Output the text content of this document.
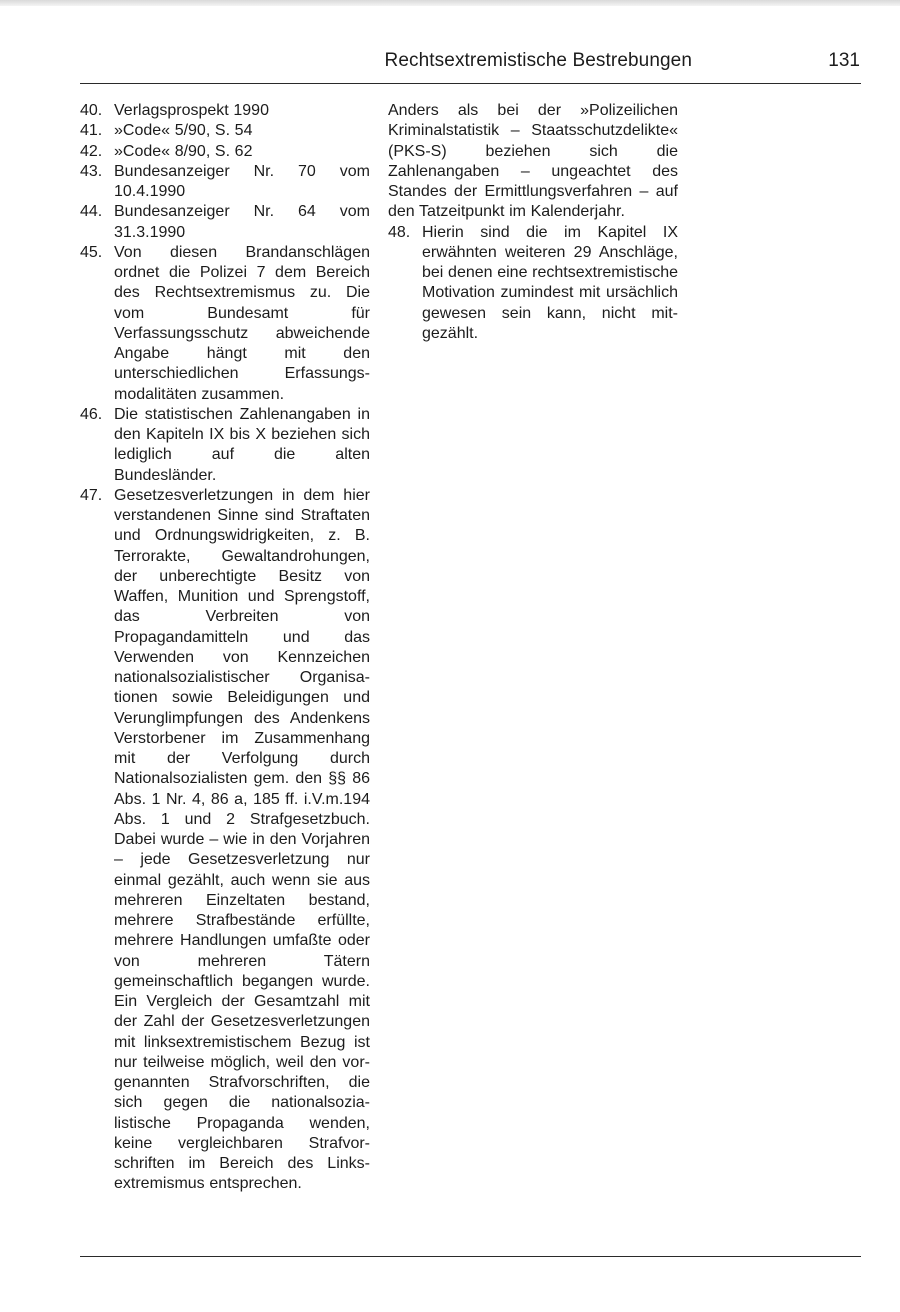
Rechtsextremistische Bestrebungen	131
40. Verlagsprospekt 1990
41. »Code« 5/90, S. 54
42. »Code« 8/90, S. 62
43. Bundesanzeiger Nr. 70 vom 10.4.1990
44. Bundesanzeiger Nr. 64 vom 31.3.1990
45. Von diesen Brandanschlägen ordnet die Polizei 7 dem Bereich des Rechtsextremismus zu. Die vom Bundesamt für Verfassungsschutz abweichende Angabe hängt mit den unterschiedlichen Erfassungsmodalitäten zusammen.
46. Die statistischen Zahlenangaben in den Kapiteln IX bis X beziehen sich lediglich auf die alten Bundesländer.
47. Gesetzesverletzungen in dem hier verstandenen Sinne sind Straftaten und Ordnungswidrigkeiten, z. B. Terrorakte, Gewaltandrohungen, der unberechtigte Besitz von Waffen, Munition und Sprengstoff, das Verbreiten von Propagandamitteln und das Verwenden von Kennzeichen nationalsozialistischer Organisationen sowie Beleidigungen und Verunglimpfungen des Andenkens Verstorbener im Zusammenhang mit der Verfolgung durch Nationalsozialisten gem. den §§ 86 Abs. 1 Nr. 4, 86 a, 185 ff. i.V.m.194 Abs. 1 und 2 Strafgesetzbuch. Dabei wurde – wie in den Vorjahren – jede Gesetzesverletzung nur einmal gezählt, auch wenn sie aus mehreren Einzeltaten bestand, mehrere Strafbestände erfüllte, mehrere Handlungen umfaßte oder von mehreren Tätern gemeinschaftlich begangen wurde. Ein Vergleich der Gesamtzahl mit der Zahl der Gesetzesverletzungen mit linksextremistischem Bezug ist nur teilweise möglich, weil den vorgenannten Strafvorschriften, die sich gegen die nationalsozialistische Propaganda wenden, keine vergleichbaren Strafvorschriften im Bereich des Linksextremismus entsprechen.
Anders als bei der »Polizeilichen Kriminalstatistik – Staatsschutzdelikte« (PKS-S) beziehen sich die Zahlenangaben – ungeachtet des Standes der Ermittlungsverfahren – auf den Tatzeitpunkt im Kalenderjahr.
48. Hierin sind die im Kapitel IX erwähnten weiteren 29 Anschläge, bei denen eine rechtsextremistische Motivation zumindest mit ursächlich gewesen sein kann, nicht mitgezählt.
